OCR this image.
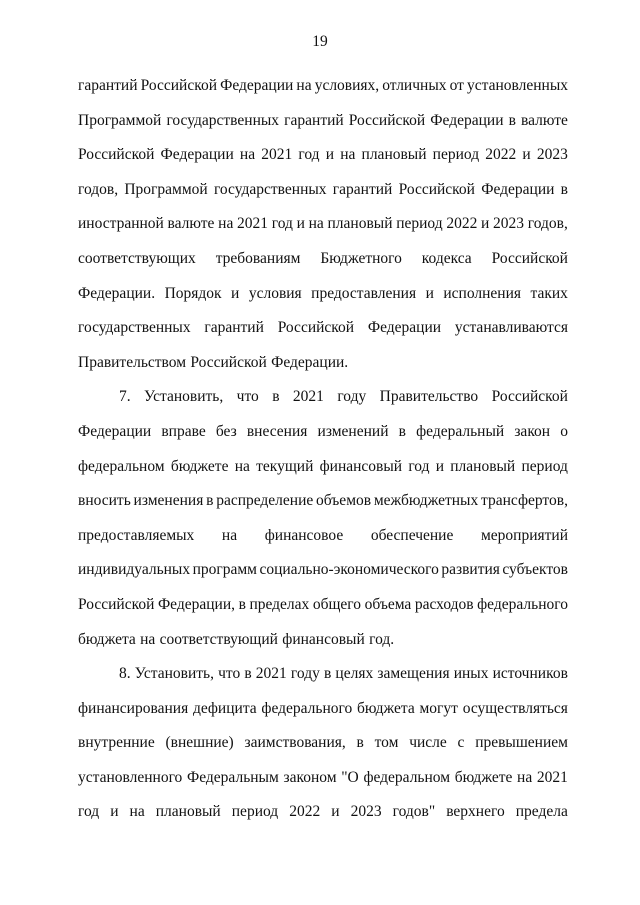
19
гарантий Российской Федерации на условиях, отличных от установленных
Программой государственных гарантий Российской Федерации в валюте
Российской Федерации на 2021 год и на плановый период 2022 и 2023
годов, Программой государственных гарантий Российской Федерации в
иностранной валюте на 2021 год и на плановый период 2022 и 2023 годов,
соответствующих требованиям Бюджетного кодекса Российской
Федерации. Порядок и условия предоставления и исполнения таких
государственных гарантий Российской Федерации устанавливаются
Правительством Российской Федерации.
7. Установить, что в 2021 году Правительство Российской
Федерации вправе без внесения изменений в федеральный закон о
федеральном бюджете на текущий финансовый год и плановый период
вносить изменения в распределение объемов межбюджетных трансфертов,
предоставляемых на финансовое обеспечение мероприятий
индивидуальных программ социально-экономического развития субъектов
Российской Федерации, в пределах общего объема расходов федерального
бюджета на соответствующий финансовый год.
8. Установить, что в 2021 году в целях замещения иных источников
финансирования дефицита федерального бюджета могут осуществляться
внутренние (внешние) заимствования, в том числе с превышением
установленного Федеральным законом "О федеральном бюджете на 2021
год и на плановый период 2022 и 2023 годов" верхнего предела
